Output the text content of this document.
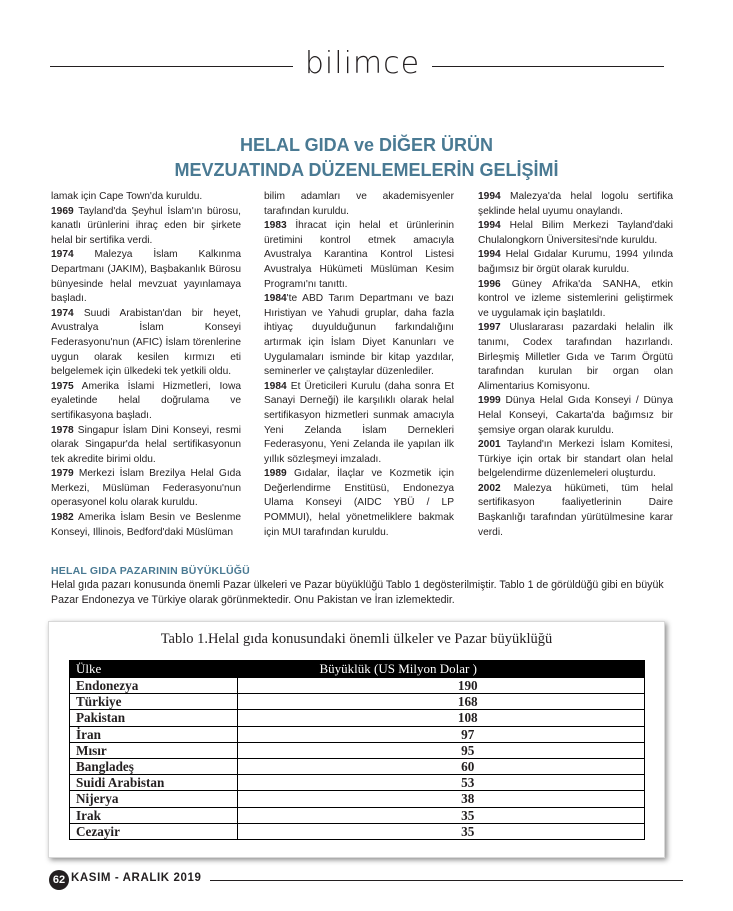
bilimce
HELAL GIDA ve DİĞER ÜRÜN
MEVZUATINDA DÜZENLEMELERİN GELİŞİMİ

lamak için Cape Town'da kuruldu.

1969 Tayland'da Şeyhul İslam'ın bürosu, kanatlı ürünlerini ihraç eden bir şirkete helal bir sertifika verdi.

1974 Malezya İslam Kalkınma Departmanı (JAKIM), Başbakanlık Bürosu bünyesinde helal mevzuat yayınlamaya başladı.

1974 Suudi Arabistan'dan bir heyet, Avustralya İslam Konseyi Federasyonu'nun (AFIC) İslam törenlerine uygun olarak kesilen kırmızı eti belgelemek için ülkedeki tek yetkili oldu.

1975 Amerika İslami Hizmetleri, Iowa eyaletinde helal doğrulama ve sertifikasyona başladı.

1978 Singapur İslam Dini Konseyi, resmi olarak Singapur'da helal sertifikasyonun tek akredite birimi oldu.

1979 Merkezi İslam Brezilya Helal Gıda Merkezi, Müslüman Federasyonu'nun operasyonel kolu olarak kuruldu.

1982 Amerika İslam Besin ve Beslenme Konseyi, Illinois, Bedford'daki Müslüman

bilim adamları ve akademisyenler tarafından kuruldu.

1983 İhracat için helal et ürünlerinin üretimini kontrol etmek amacıyla Avustralya Karantina Kontrol Listesi Avustralya Hükümeti Müslüman Kesim Programı'nı tanıttı.

1984'te ABD Tarım Departmanı ve bazı Hıristiyan ve Yahudi gruplar, daha fazla ihtiyaç duyulduğunun farkındalığını artırmak için İslam Diyet Kanunları ve Uygulamaları isminde bir kitap yazdılar, seminerler ve çalıştaylar düzenlediler.

1984 Et Üreticileri Kurulu (daha sonra Et Sanayi Derneği) ile karşılıklı olarak helal sertifikasyon hizmetleri sunmak amacıyla Yeni Zelanda İslam Dernekleri Federasyonu, Yeni Zelanda ile yapılan ilk yıllık sözleşmeyi imzaladı.

1989 Gıdalar, İlaçlar ve Kozmetik için Değerlendirme Enstitüsü, Endonezya Ulama Konseyi (AIDC YBÜ / LP POMMUI), helal yönetmeliklere bakmak için MUI tarafından kuruldu.

1994 Malezya'da helal logolu sertifika şeklinde helal uyumu onaylandı.

1994 Helal Bilim Merkezi Tayland'daki Chulalongkorn Üniversitesi'nde kuruldu.

1994 Helal Gıdalar Kurumu, 1994 yılında bağımsız bir örgüt olarak kuruldu.

1996 Güney Afrika'da SANHA, etkin kontrol ve izleme sistemlerini geliştirmek ve uygulamak için başlatıldı.

1997 Uluslararası pazardaki helalin ilk tanımı, Codex tarafından hazırlandı. Birleşmiş Milletler Gıda ve Tarım Örgütü tarafından kurulan bir organ olan Alimentarius Komisyonu.

1999 Dünya Helal Gıda Konseyi / Dünya Helal Konseyi, Cakarta'da bağımsız bir şemsiye organ olarak kuruldu.

2001 Tayland'ın Merkezi İslam Komitesi, Türkiye için ortak bir standart olan helal belgelendirme düzenlemeleri oluşturdu.

2002 Malezya hükümeti, tüm helal sertifikasyon faaliyetlerinin Daire Başkanlığı tarafından yürütülmesine karar verdi.

HELAL GIDA PAZARININ BÜYÜKLÜĞÜ
Helal gıda pazarı konusunda önemli Pazar ülkeleri ve Pazar büyüklüğü Tablo 1 degösterilmiştir. Tablo 1 de görüldüğü gibi en büyük Pazar Endonezya ve Türkiye olarak görünmektedir. Onu Pakistan ve İran izlemektedir.
Tablo 1.Helal gıda konusundaki önemli ülkeler ve Pazar büyüklüğü
Ülke	Büyüklük (US Milyon Dolar )
Endonezya	190
Türkiye	168
Pakistan	108
İran	97
Mısır	95
Bangladeş	60
Suidi Arabistan	53
Nijerya	38
Irak	35
Cezayir	35
62 KASIM - ARALIK 2019
